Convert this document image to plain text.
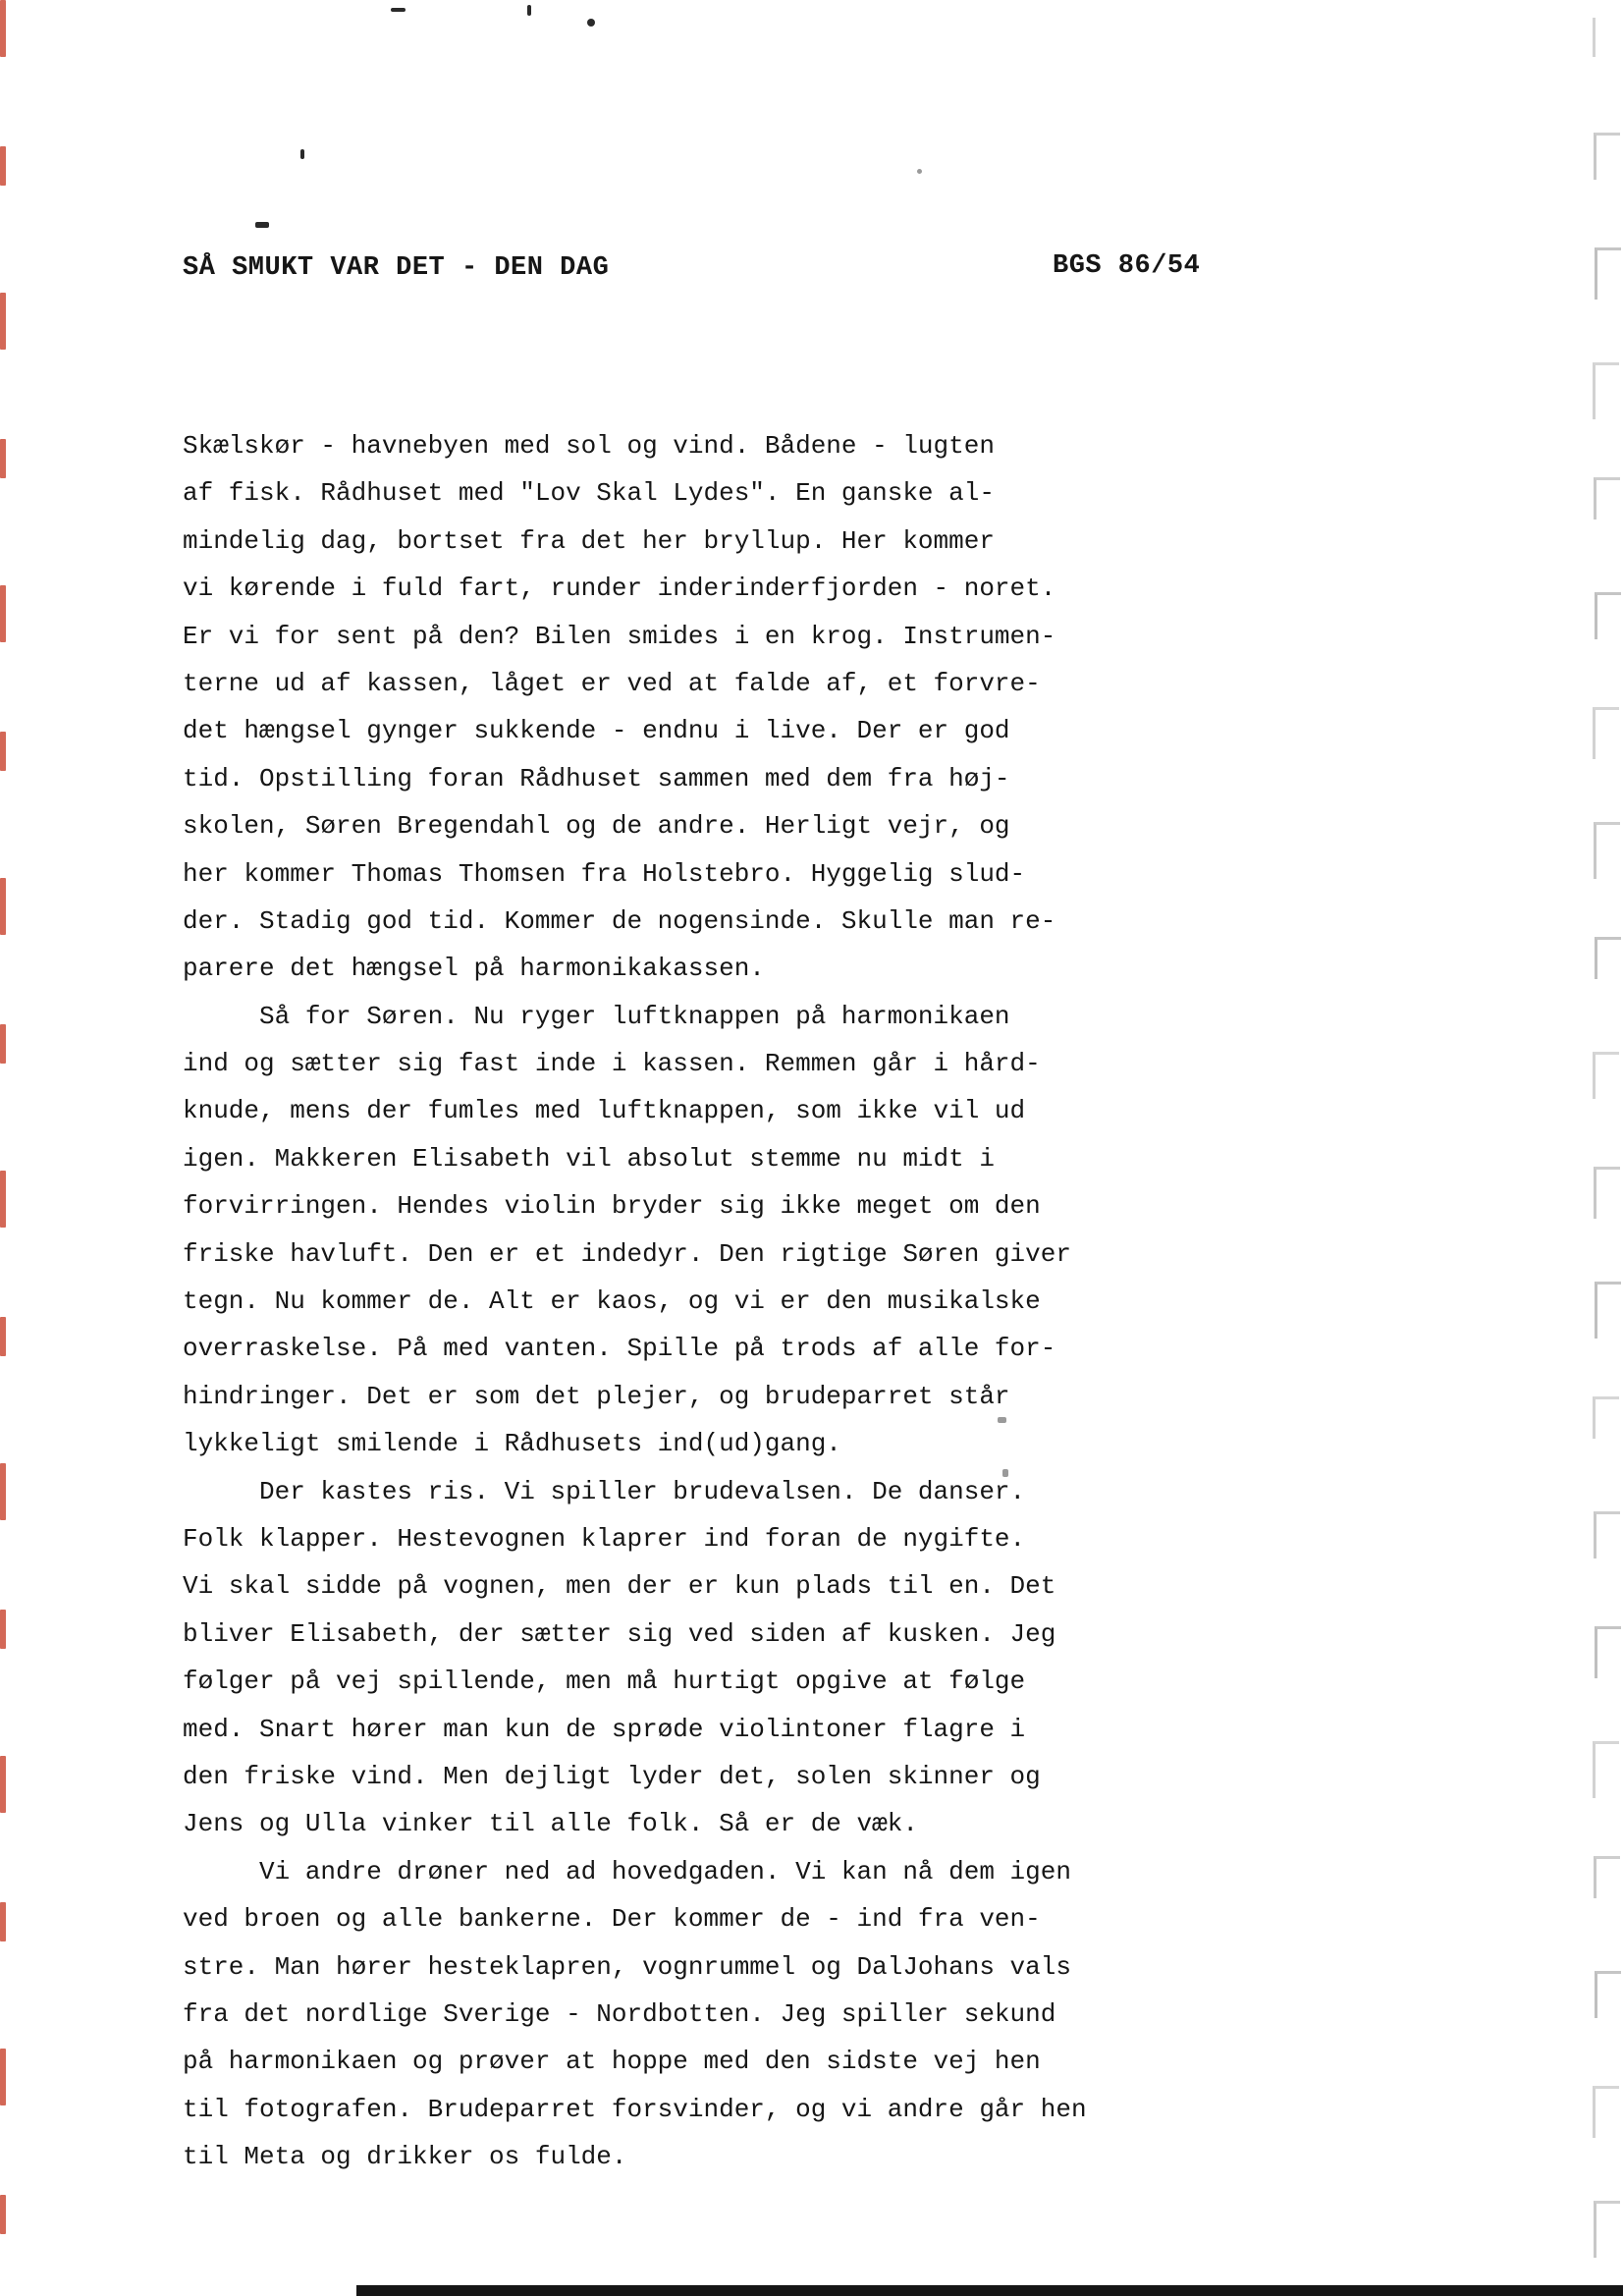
SÅ SMUKT VAR DET - DEN DAG	BGS 86/54
Skælskør - havnebyen med sol og vind. Bådene - lugten
af fisk. Rådhuset med "Lov Skal Lydes". En ganske al-
mindelig dag, bortset fra det her bryllup. Her kommer
vi kørende i fuld fart, runder inderinderfjorden - noret.
Er vi for sent på den? Bilen smides i en krog. Instrumen-
terne ud af kassen, låget er ved at falde af, et forvre-
det hængsel gynger sukkende - endnu i live. Der er god
tid. Opstilling foran Rådhuset sammen med dem fra høj-
skolen, Søren Bregendahl og de andre. Herligt vejr, og
her kommer Thomas Thomsen fra Holstebro. Hyggelig slud-
der. Stadig god tid. Kommer de nogensinde. Skulle man re-
parere det hængsel på harmonikakassen.
Så for Søren. Nu ryger luftknappen på harmonikaen
ind og sætter sig fast inde i kassen. Remmen går i hård-
knude, mens der fumles med luftknappen, som ikke vil ud
igen. Makkeren Elisabeth vil absolut stemme nu midt i
forvirringen. Hendes violin bryder sig ikke meget om den
friske havluft. Den er et indedyr. Den rigtige Søren giver
tegn. Nu kommer de. Alt er kaos, og vi er den musikalske
overraskelse. På med vanten. Spille på trods af alle for-
hindringer. Det er som det plejer, og brudeparret står
lykkeligt smilende i Rådhusets ind(ud)gang.
Der kastes ris. Vi spiller brudevalsen. De danser.
Folk klapper. Hestevognen klaprer ind foran de nygifte.
Vi skal sidde på vognen, men der er kun plads til en. Det
bliver Elisabeth, der sætter sig ved siden af kusken. Jeg
følger på vej spillende, men må hurtigt opgive at følge
med. Snart hører man kun de sprøde violintoner flagre i
den friske vind. Men dejligt lyder det, solen skinner og
Jens og Ulla vinker til alle folk. Så er de væk.
Vi andre drøner ned ad hovedgaden. Vi kan nå dem igen
ved broen og alle bankerne. Der kommer de - ind fra ven-
stre. Man hører hesteklapren, vognrummel og DalJohans vals
fra det nordlige Sverige - Nordbotten. Jeg spiller sekund
på harmonikaen og prøver at hoppe med den sidste vej hen
til fotografen. Brudeparret forsvinder, og vi andre går hen
til Meta og drikker os fulde.
